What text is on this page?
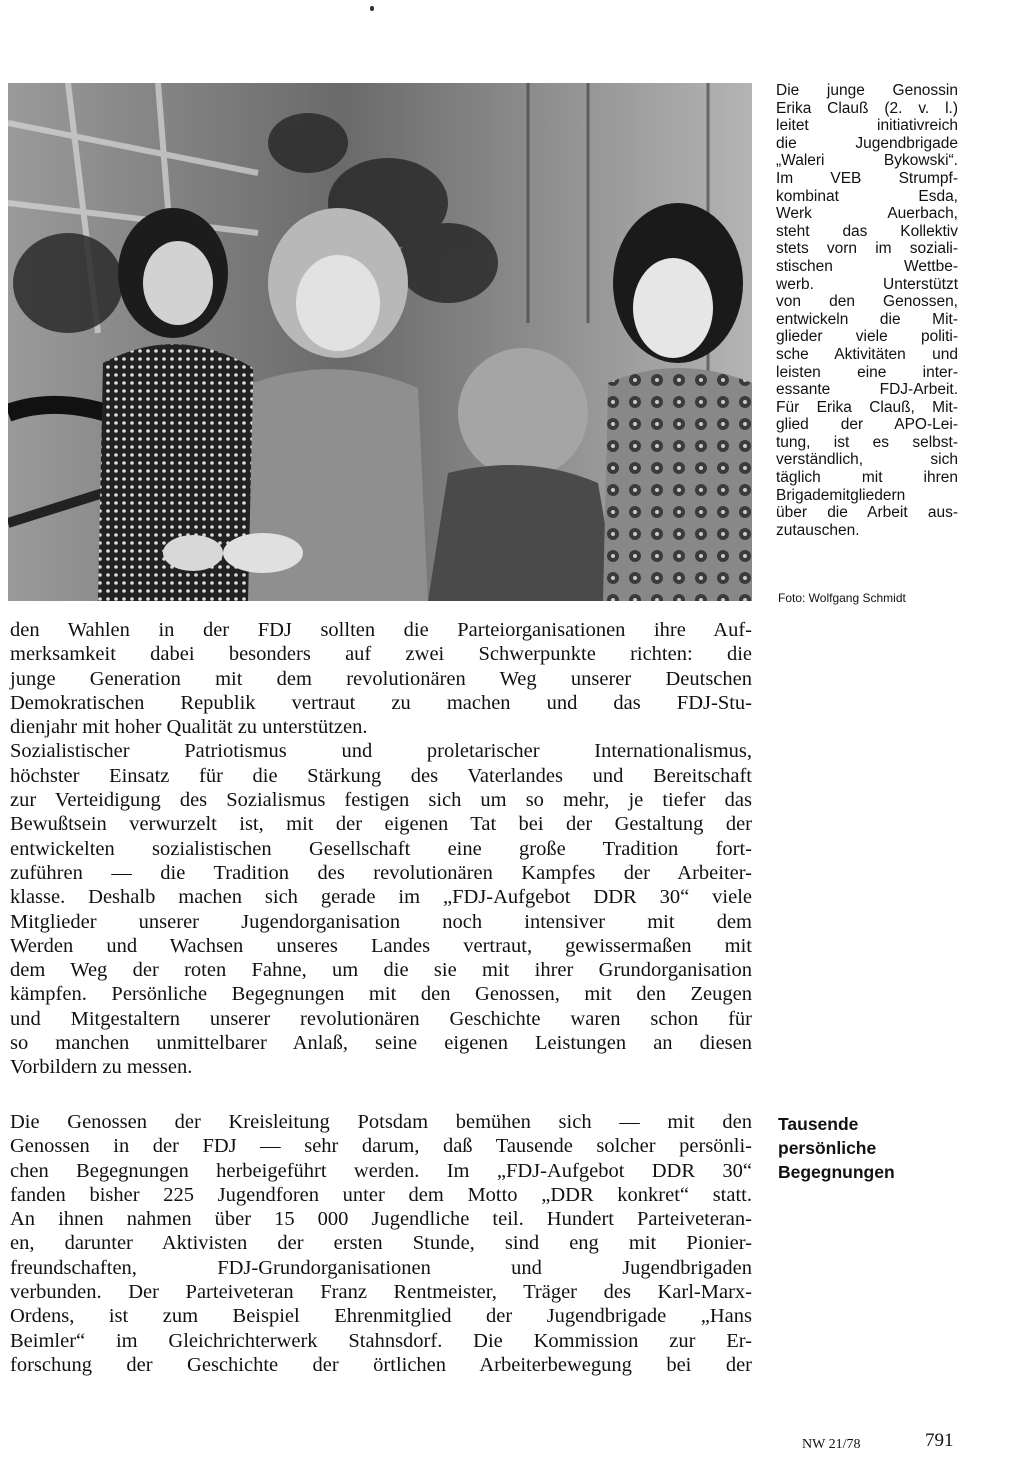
Die junge Genossin
Erika Clauß (2. v. l.)
leitet initiativreich
die Jugendbrigade
„Waleri Bykowski“.
Im VEB Strumpf-
kombinat Esda,
Werk Auerbach,
steht das Kollektiv
stets vorn im soziali-
stischen Wettbe-
werb. Unterstützt
von den Genossen,
entwickeln die Mit-
glieder viele politi-
sche Aktivitäten und
leisten eine inter-
essante FDJ-Arbeit.
Für Erika Clauß, Mit-
glied der APO-Lei-
tung, ist es selbst-
verständlich, sich
täglich mit ihren
Brigademitgliedern
über die Arbeit aus-
zutauschen.
Foto: Wolfgang Schmidt
den Wahlen in der FDJ sollten die Parteiorganisationen ihre Auf-
merksamkeit dabei besonders auf zwei Schwerpunkte richten: die
junge Generation mit dem revolutionären Weg unserer Deutschen
Demokratischen Republik vertraut zu machen und das FDJ-Stu-
dienjahr mit hoher Qualität zu unterstützen.
Sozialistischer Patriotismus und proletarischer Internationalismus,
höchster Einsatz für die Stärkung des Vaterlandes und Bereitschaft
zur Verteidigung des Sozialismus festigen sich um so mehr, je tiefer das
Bewußtsein verwurzelt ist, mit der eigenen Tat bei der Gestaltung der
entwickelten sozialistischen Gesellschaft eine große Tradition fort-
zuführen — die Tradition des revolutionären Kampfes der Arbeiter-
klasse. Deshalb machen sich gerade im „FDJ-Aufgebot DDR 30“ viele
Mitglieder unserer Jugendorganisation noch intensiver mit dem
Werden und Wachsen unseres Landes vertraut, gewissermaßen mit
dem Weg der roten Fahne, um die sie mit ihrer Grundorganisation
kämpfen. Persönliche Begegnungen mit den Genossen, mit den Zeugen
und Mitgestaltern unserer revolutionären Geschichte waren schon für
so manchen unmittelbarer Anlaß, seine eigenen Leistungen an diesen
Vorbildern zu messen.
Tausende
persönliche
Begegnungen
Die Genossen der Kreisleitung Potsdam bemühen sich — mit den
Genossen in der FDJ — sehr darum, daß Tausende solcher persönli-
chen Begegnungen herbeigeführt werden. Im „FDJ-Aufgebot DDR 30“
fanden bisher 225 Jugendforen unter dem Motto „DDR konkret“ statt.
An ihnen nahmen über 15 000 Jugendliche teil. Hundert Parteiveteran-
en, darunter Aktivisten der ersten Stunde, sind eng mit Pionier-
freundschaften, FDJ-Grundorganisationen und Jugendbrigaden
verbunden. Der Parteiveteran Franz Rentmeister, Träger des Karl-Marx-
Ordens, ist zum Beispiel Ehrenmitglied der Jugendbrigade „Hans
Beimler“ im Gleichrichterwerk Stahnsdorf. Die Kommission zur Er-
forschung der Geschichte der örtlichen Arbeiterbewegung bei der
NW 21/78	791
